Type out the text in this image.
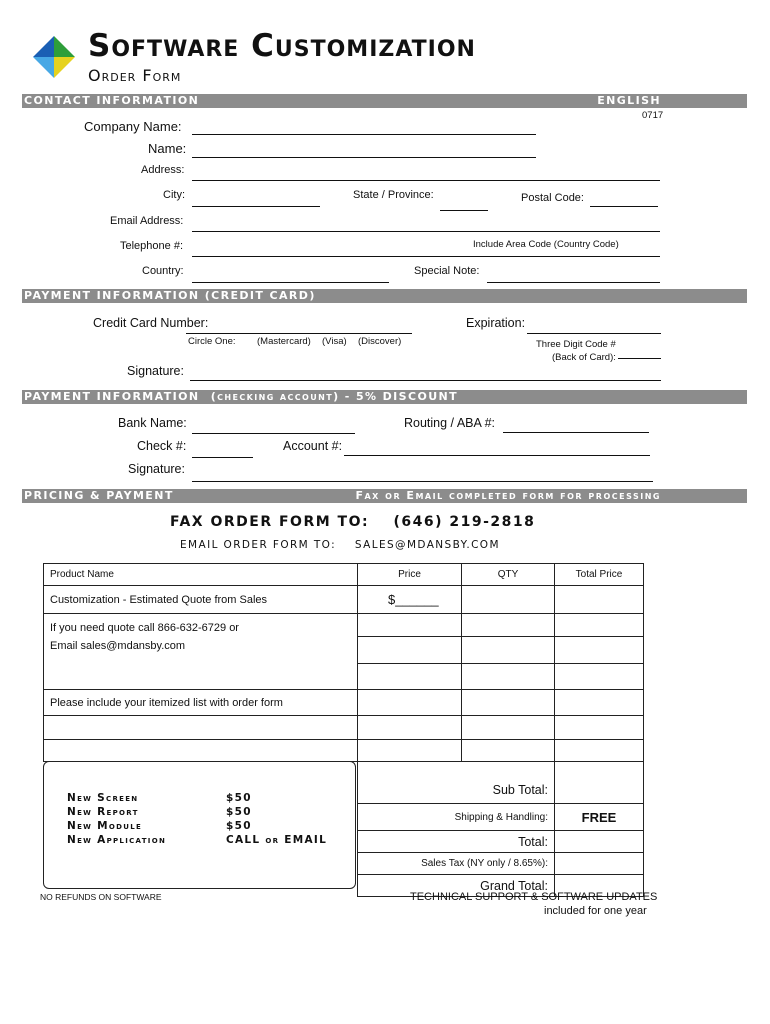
Software Customization
Order Form
CONTACT INFORMATION	ENGLISH
0717
Company Name:
Name:
Address:
City:	State / Province:	Postal Code:
Email Address:
Telephone #:	Include Area Code (Country Code)
Country:	Special Note:
PAYMENT INFORMATION (CREDIT CARD)
Credit Card Number:	Expiration:
Circle One: (Mastercard) (Visa) (Discover)	Three Digit Code #
(Back of Card):
Signature:
PAYMENT INFORMATION (checking account) - 5% DISCOUNT
Bank Name:	Routing / ABA #:
Check #:	Account #:
Signature:
PRICING & PAYMENT	Fax or Email completed form for processing
FAX ORDER FORM TO: (646) 219-2818
EMAIL ORDER FORM TO: SALES@MDANSBY.COM
Product Name	Price	QTY	Total Price
Customization - Estimated Quote from Sales	$______		

If you need quote call 866-632-6729 or
Email sales@mdansby.com			

Please include your itemized list with order form			

	Sub Total:		
	Shipping & Handling:		FREE
	Total:		
	Sales Tax (NY only / 8.65%):		
	Grand Total:		
New Screen	$50
New Report	$50
New Module	$50
New Application	CALL or EMAIL
NO REFUNDS ON SOFTWARE	TECHNICAL SUPPORT & SOFTWARE UPDATES
included for one year
